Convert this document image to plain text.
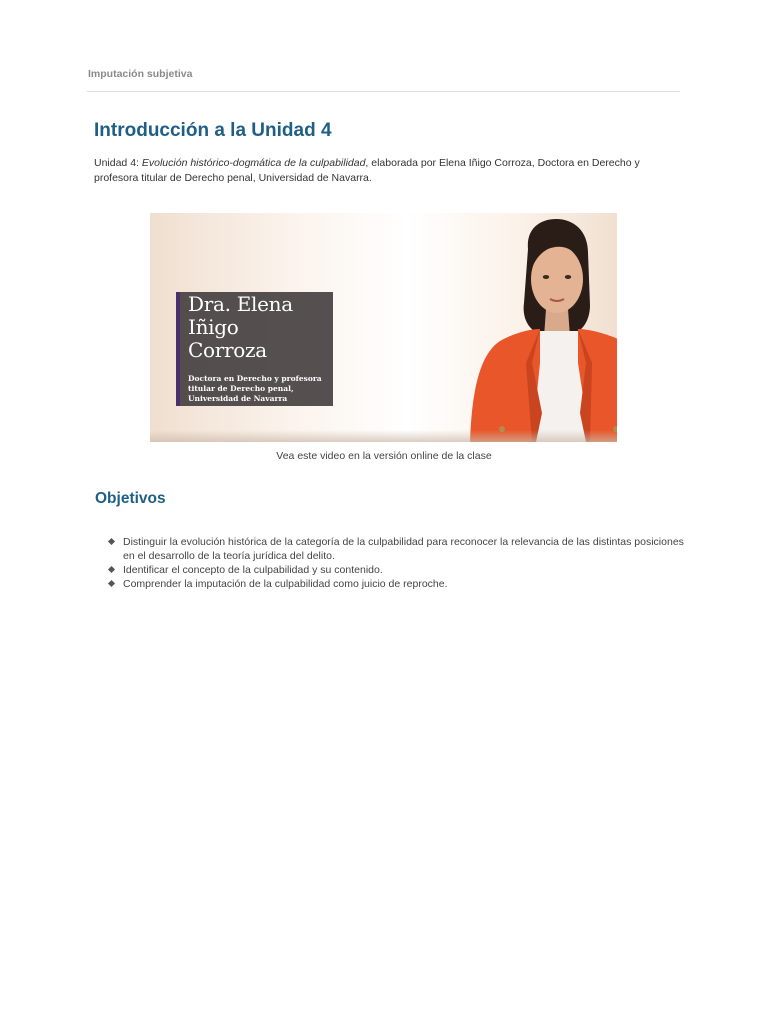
Imputación subjetiva
Introducción a la Unidad 4

Unidad 4: Evolución histórico-dogmática de la culpabilidad, elaborada por Elena Iñigo Corroza, Doctora en Derecho y profesora titular de Derecho penal, Universidad de Navarra.

Dra. Elena
Iñigo
Corroza
Doctora en Derecho y profesora
titular de Derecho penal,
Universidad de Navarra
Vea este video en la versión online de la clase
Objetivos
Distinguir la evolución histórica de la categoría de la culpabilidad para reconocer la relevancia de las distintas posiciones en el desarrollo de la teoría jurídica del delito.
Identificar el concepto de la culpabilidad y su contenido.
Comprender la imputación de la culpabilidad como juicio de reproche.
